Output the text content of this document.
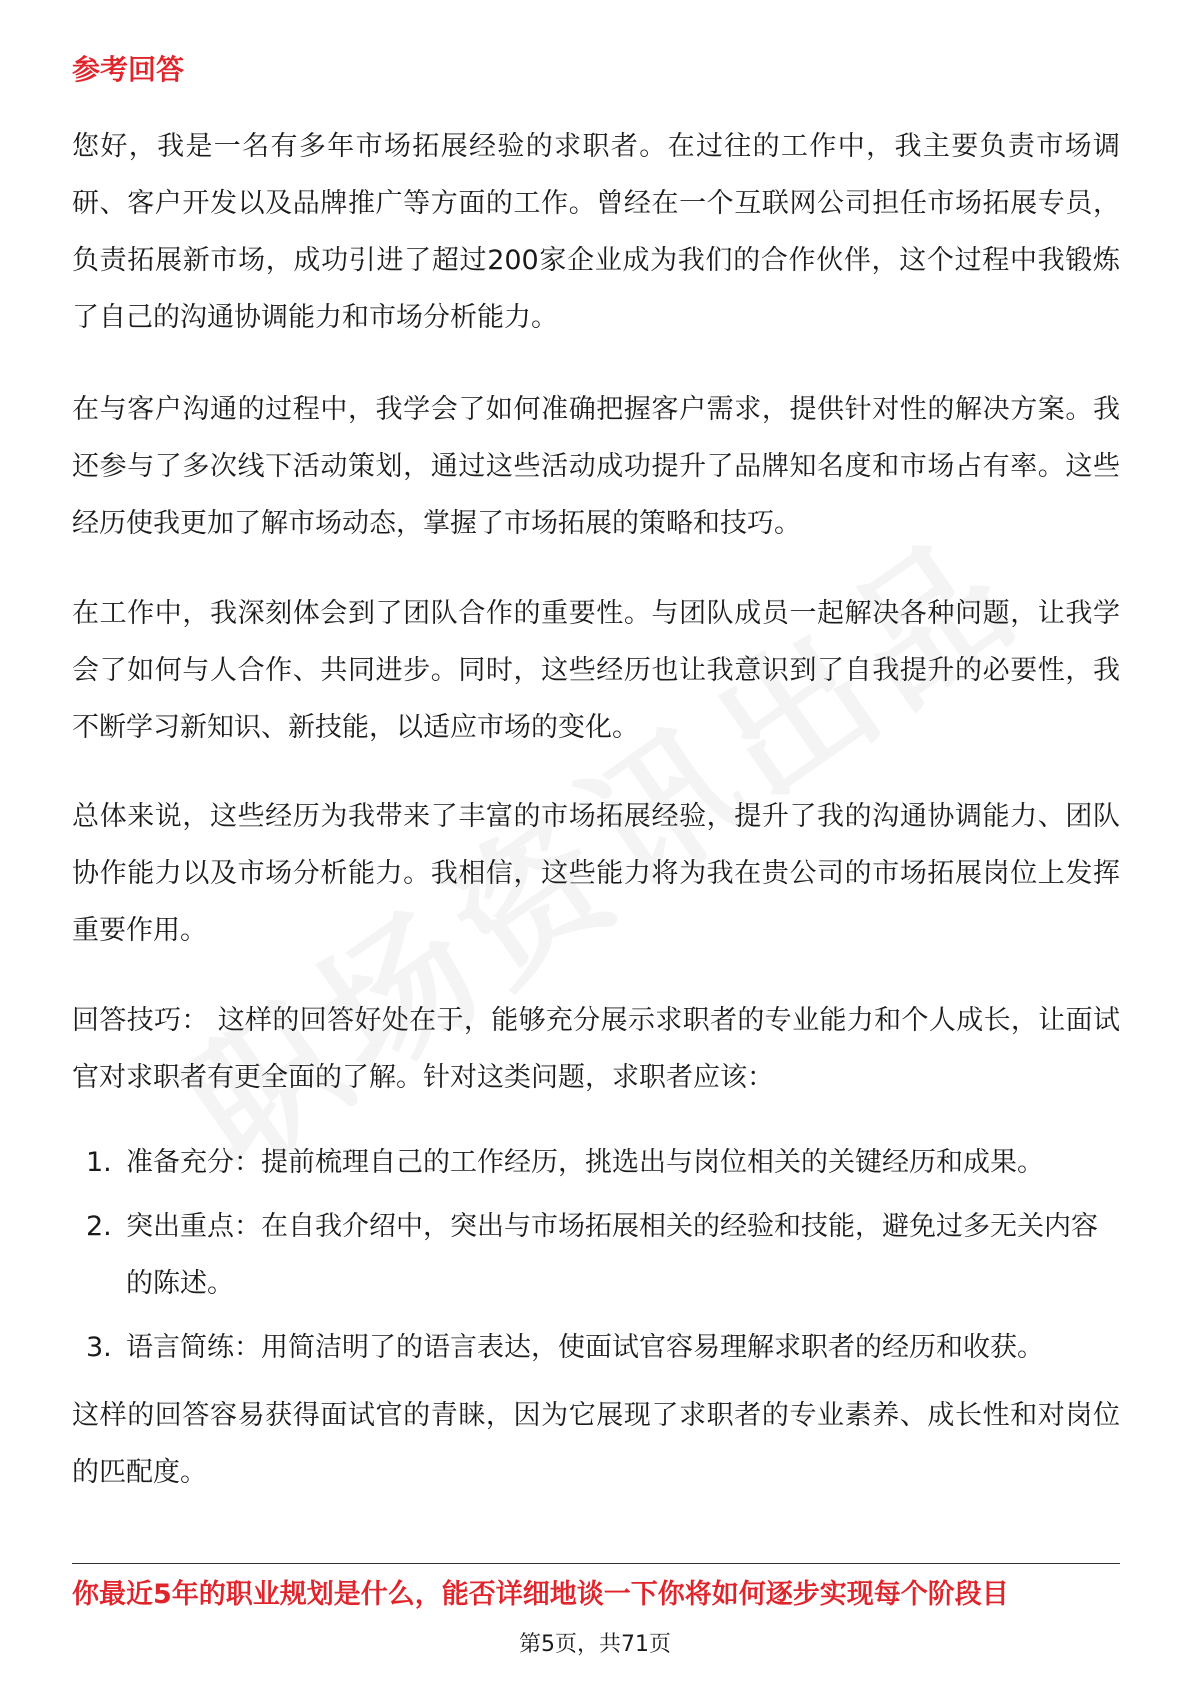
参考回答

您好，我是一名有多年市场拓展经验的求职者。在过往的工作中，我主要负责市场调研、客户开发以及品牌推广等方面的工作。曾经在一个互联网公司担任市场拓展专员，负责拓展新市场，成功引进了超过200家企业成为我们的合作伙伴，这个过程中我锻炼了自己的沟通协调能力和市场分析能力。

在与客户沟通的过程中，我学会了如何准确把握客户需求，提供针对性的解决方案。我还参与了多次线下活动策划，通过这些活动成功提升了品牌知名度和市场占有率。这些经历使我更加了解市场动态，掌握了市场拓展的策略和技巧。

在工作中，我深刻体会到了团队合作的重要性。与团队成员一起解决各种问题，让我学会了如何与人合作、共同进步。同时，这些经历也让我意识到了自我提升的必要性，我不断学习新知识、新技能，以适应市场的变化。

总体来说，这些经历为我带来了丰富的市场拓展经验，提升了我的沟通协调能力、团队协作能力以及市场分析能力。我相信，这些能力将为我在贵公司的市场拓展岗位上发挥重要作用。

回答技巧： 这样的回答好处在于，能够充分展示求职者的专业能力和个人成长，让面试官对求职者有更全面的了解。针对这类问题，求职者应该：

1. 准备充分：提前梳理自己的工作经历，挑选出与岗位相关的关键经历和成果。
2. 突出重点：在自我介绍中，突出与市场拓展相关的经验和技能，避免过多无关内容的陈述。
3. 语言简练：用简洁明了的语言表达，使面试官容易理解求职者的经历和收获。

这样的回答容易获得面试官的青睐，因为它展现了求职者的专业素养、成长性和对岗位的匹配度。

你最近5年的职业规划是什么，能否详细地谈一下你将如何逐步实现每个阶段目

第5页，共71页
